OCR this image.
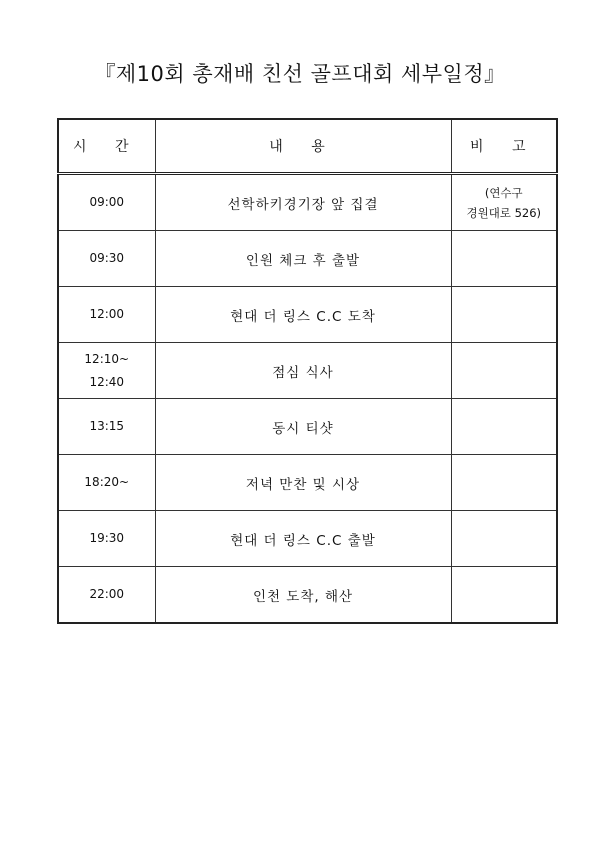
『제10회 총재배 친선 골프대회 세부일정』
시 간	내 용	비 고

09:00	선학하키경기장 앞 집결	(연수구
경원대로 526)

09:30	인원 체크 후 출발	

12:00	현대 더 링스 C.C 도착	

12:10~
12:40	점심 식사	

13:15	동시 티샷	

18:20~	저녁 만찬 및 시상	

19:30	현대 더 링스 C.C 출발	

22:00	인천 도착, 해산	
